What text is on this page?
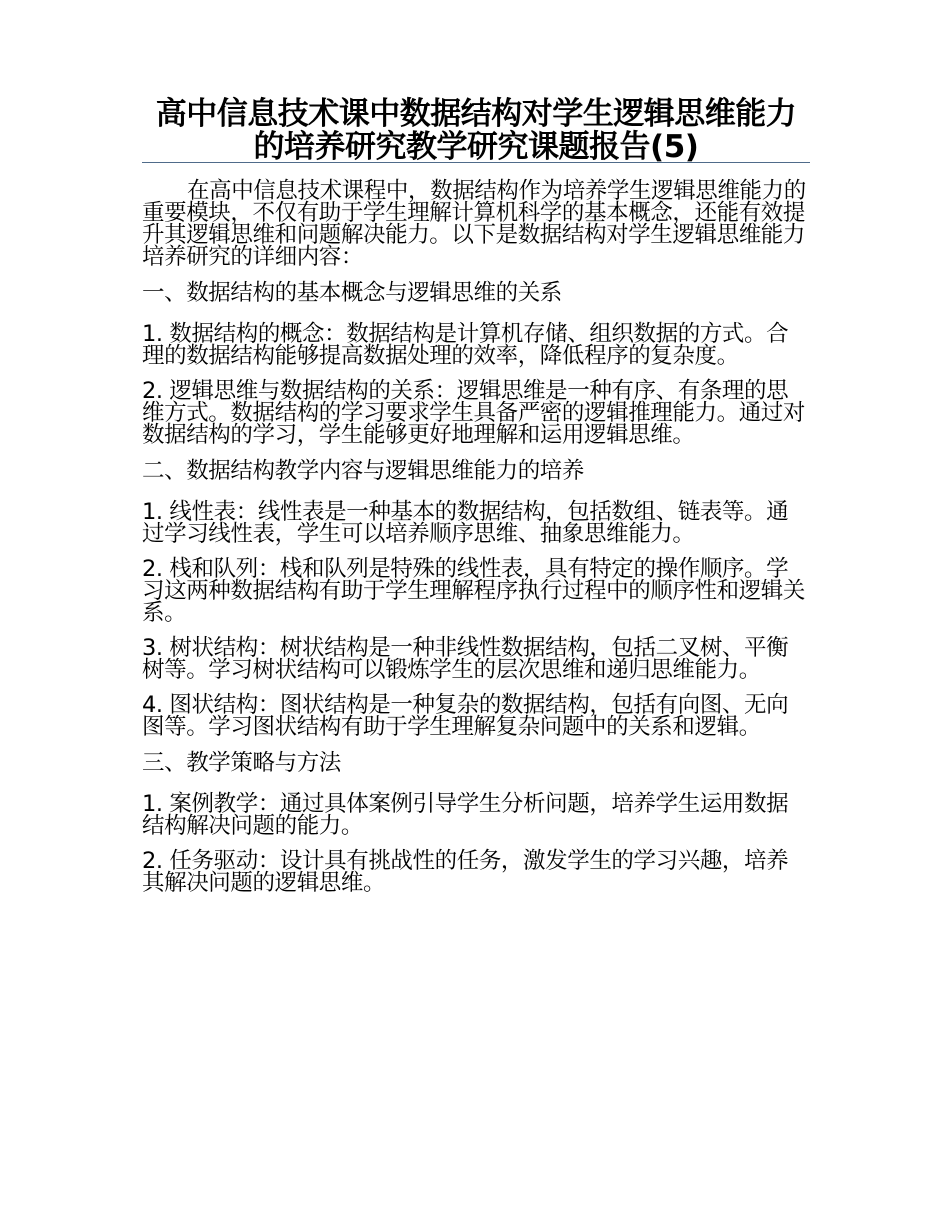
高中信息技术课中数据结构对学生逻辑思维能力的培养研究教学研究课题报告(5)

在高中信息技术课程中，数据结构作为培养学生逻辑思维能力的重要模块，不仅有助于学生理解计算机科学的基本概念，还能有效提升其逻辑思维和问题解决能力。以下是数据结构对学生逻辑思维能力培养研究的详细内容：

一、数据结构的基本概念与逻辑思维的关系

1. 数据结构的概念：数据结构是计算机存储、组织数据的方式。合理的数据结构能够提高数据处理的效率，降低程序的复杂度。

2. 逻辑思维与数据结构的关系：逻辑思维是一种有序、有条理的思维方式。数据结构的学习要求学生具备严密的逻辑推理能力。通过对数据结构的学习，学生能够更好地理解和运用逻辑思维。

二、数据结构教学内容与逻辑思维能力的培养

1. 线性表：线性表是一种基本的数据结构，包括数组、链表等。通过学习线性表，学生可以培养顺序思维、抽象思维能力。

2. 栈和队列：栈和队列是特殊的线性表，具有特定的操作顺序。学习这两种数据结构有助于学生理解程序执行过程中的顺序性和逻辑关系。

3. 树状结构：树状结构是一种非线性数据结构，包括二叉树、平衡树等。学习树状结构可以锻炼学生的层次思维和递归思维能力。

4. 图状结构：图状结构是一种复杂的数据结构，包括有向图、无向图等。学习图状结构有助于学生理解复杂问题中的关系和逻辑。

三、教学策略与方法

1. 案例教学：通过具体案例引导学生分析问题，培养学生运用数据结构解决问题的能力。

2. 任务驱动：设计具有挑战性的任务，激发学生的学习兴趣，培养其解决问题的逻辑思维。
